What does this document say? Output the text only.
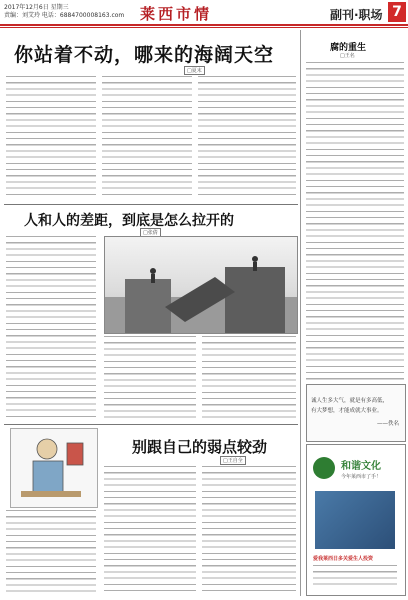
2017年12月6日 星期三
责编：刘艾玲 电话：6884700008163.com 莱西市情	副刊·职场 7
你站着不动，哪来的海阔天空
□夏末
人和人的差距，到底是怎么拉开的
□张倩
别跟自己的弱点较劲
□王自全
腐的重生
□王名
诚人生多大气，就是有多高低，
有大梦想，才能成就大事业。
——佚名
和谐文化
今年莱西市了手！
爱我莱西日多关爱生人投资
